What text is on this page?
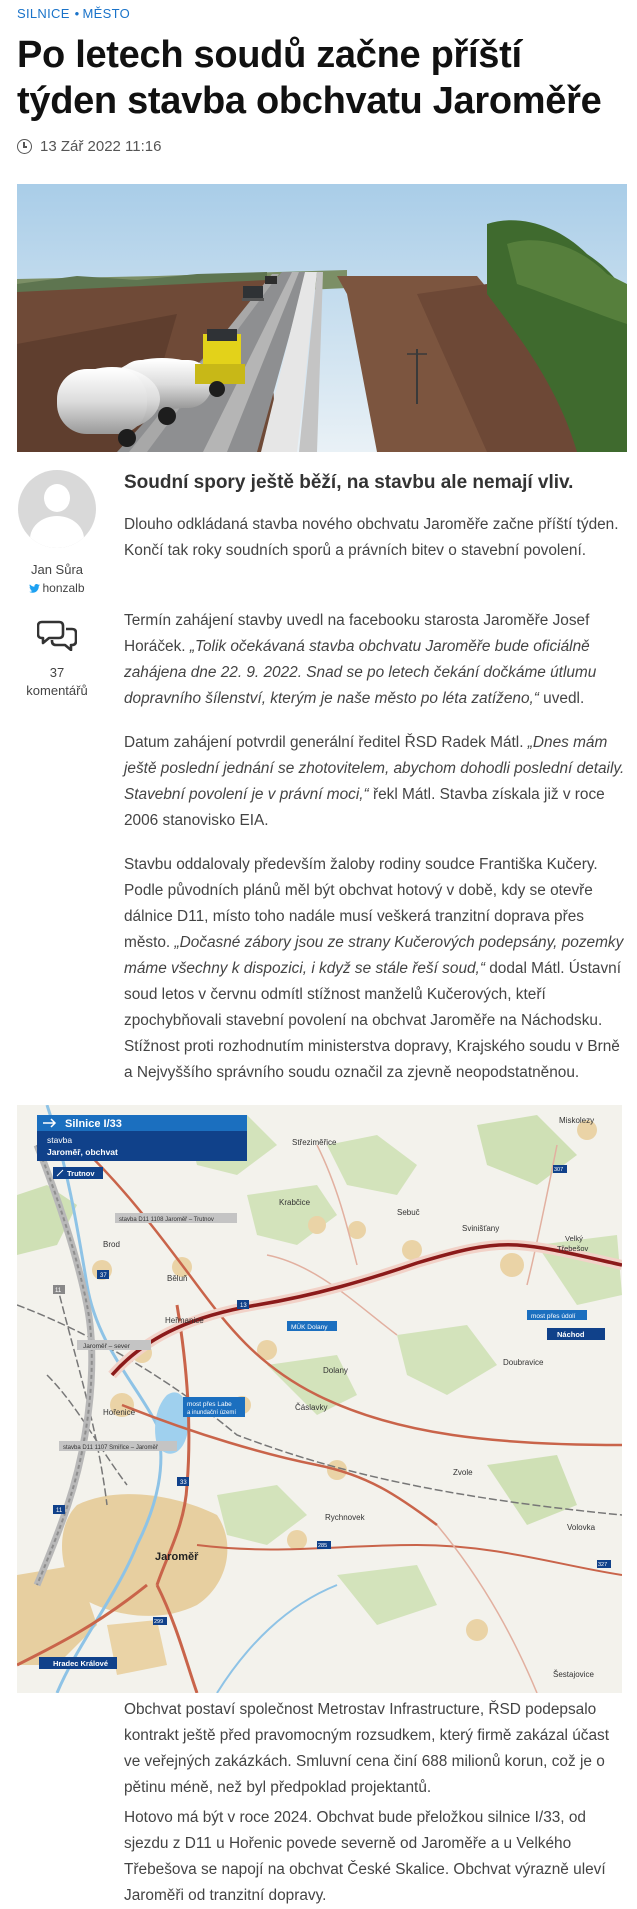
SILNICE • MĚSTO
Po letech soudů začne příští týden stavba obchvatu Jaroměře
13 Zář 2022 11:16
Jan Sůra
honzalb
37
komentářů

Soudní spory ještě běží, na stavbu ale nemají vliv.

Dlouho odkládaná stavba nového obchvatu Jaroměře začne příští týden. Končí tak roky soudních sporů a právních bitev o stavební povolení.

Termín zahájení stavby uvedl na facebooku starosta Jaroměře Josef Horáček. „Tolik očekávaná stavba obchvatu Jaroměře bude oficiálně zahájena dne 22. 9. 2022. Snad se po letech čekání dočkáme útlumu dopravního šílenství, kterým je naše město po léta zatíženo,“ uvedl.

Datum zahájení potvrdil generální ředitel ŘSD Radek Mátl. „Dnes mám ještě poslední jednání se zhotovitelem, abychom dohodli poslední detaily. Stavební povolení je v právní moci,“ řekl Mátl. Stavba získala již v roce 2006 stanovisko EIA.

Stavbu oddalovaly především žaloby rodiny soudce Františka Kučery. Podle původních plánů měl být obchvat hotový v době, kdy se otevře dálnice D11, místo toho nadále musí veškerá tranzitní doprava přes město. „Dočasné zábory jsou ze strany Kučerových podepsány, pozemky máme všechny k dispozici, i když se stále řeší soud,“ dodal Mátl. Ústavní soud letos v červnu odmítl stížnost manželů Kučerových, kteří zpochybňovali stavební povolení na obchvat Jaroměře na Náchodsku. Stížnost proti rozhodnutím ministerstva dopravy, Krajského soudu v Brně a Nejvyššího správního soudu označil za zjevně neopodstatněnou.

Silnice I/33
stavba
Jaroměř, obchvat
Trutnov
Náchod
Hradec Králové
stavba D11 1108 Jaroměř – Trutnov
stavba D11 1107 Smiřice – Jaroměř
Jaroměř – sever
MÚK Dolany
most přes údolí
most přes Labe
a inundační území
37
11
13
33
11
285
299
307
327
Miskolezy
Střeziměřice
Krabčice
Sebuč
Svinišťany
Velký
Třebešov
Brod
Běluň
Heřmanice
Dolany
Doubravice
Hořenice
Čáslavky
Zvole
Rychnovek
Volovka
Jaroměř
Šestajovice

Obchvat postaví společnost Metrostav Infrastructure, ŘSD podepsalo kontrakt ještě před pravomocným rozsudkem, který firmě zakázal účast ve veřejných zakázkách. Smluvní cena činí 688 milionů korun, což je o pětinu méně, než byl předpoklad projektantů.

Hotovo má být v roce 2024. Obchvat bude přeložkou silnice I/33, od sjezdu z D11 u Hořenic povede severně od Jaroměře a u Velkého Třebešova se napojí na obchvat České Skalice. Obchvat výrazně uleví Jaroměři od tranzitní dopravy.
